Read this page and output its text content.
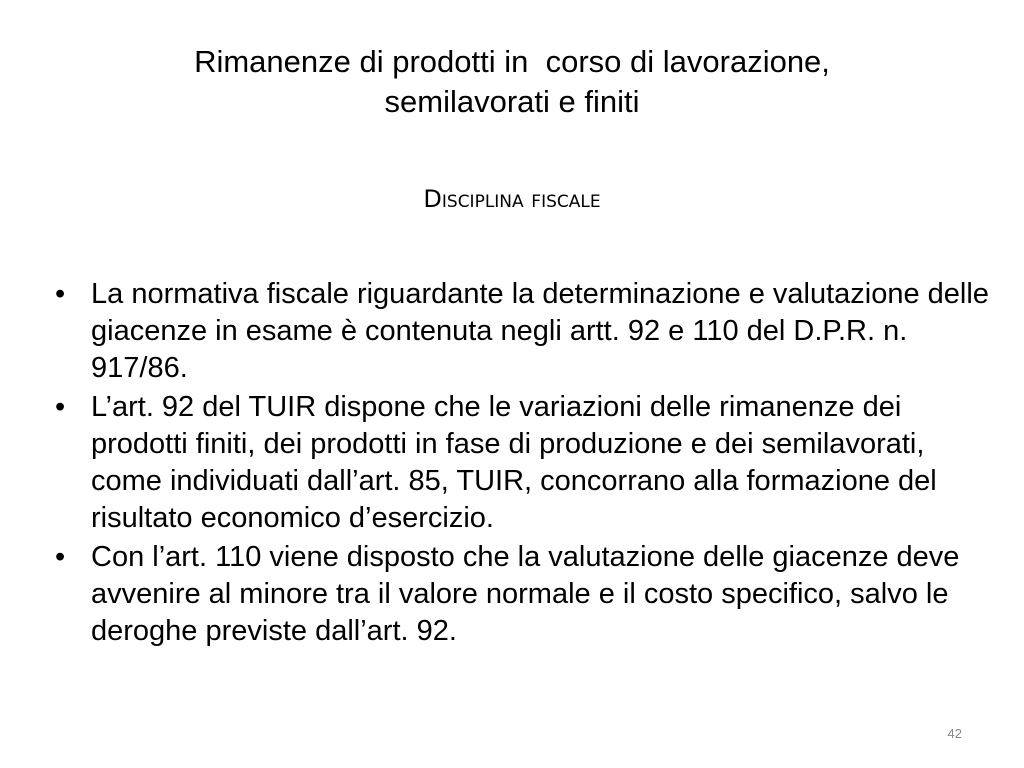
Rimanenze di prodotti in  corso di lavorazione,
semilavorati e finiti
Disciplina fiscale
• La normativa fiscale riguardante la determinazione e valutazione delle giacenze in esame è contenuta negli artt. 92 e 110 del D.P.R. n. 917/86.
• L’art. 92 del TUIR dispone che le variazioni delle rimanenze dei prodotti finiti, dei prodotti in fase di produzione e dei semilavorati, come individuati dall’art. 85, TUIR, concorrano alla formazione del risultato economico d’esercizio.
• Con l’art. 110 viene disposto che la valutazione delle giacenze deve avvenire al minore tra il valore normale e il costo specifico, salvo le deroghe previste dall’art. 92.
42
